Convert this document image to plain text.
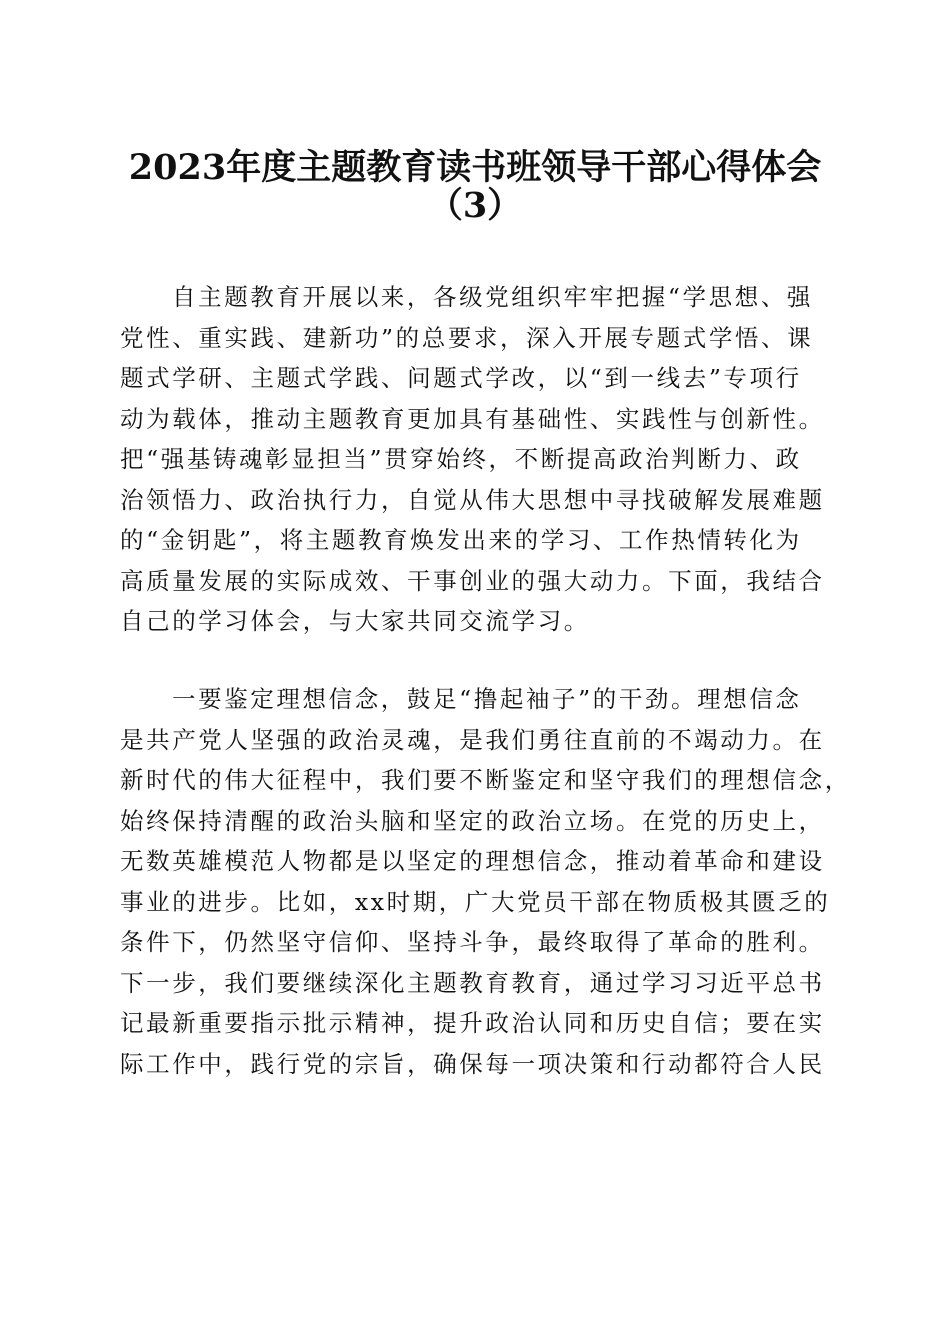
2023年度主题教育读书班领导干部心得体会
（3）
自主题教育开展以来，各级党组织牢牢把握“学思想、强
党性、重实践、建新功”的总要求，深入开展专题式学悟、课
题式学研、主题式学践、问题式学改，以“到一线去”专项行
动为载体，推动主题教育更加具有基础性、实践性与创新性。
把“强基铸魂彰显担当”贯穿始终，不断提高政治判断力、政
治领悟力、政治执行力，自觉从伟大思想中寻找破解发展难题
的“金钥匙”，将主题教育焕发出来的学习、工作热情转化为
高质量发展的实际成效、干事创业的强大动力。下面，我结合
自己的学习体会，与大家共同交流学习。
一要鉴定理想信念，鼓足“撸起袖子”的干劲。理想信念
是共产党人坚强的政治灵魂，是我们勇往直前的不竭动力。在
新时代的伟大征程中，我们要不断鉴定和坚守我们的理想信念，
始终保持清醒的政治头脑和坚定的政治立场。在党的历史上，
无数英雄模范人物都是以坚定的理想信念，推动着革命和建设
事业的进步。比如，xx时期，广大党员干部在物质极其匮乏的
条件下，仍然坚守信仰、坚持斗争，最终取得了革命的胜利。
下一步，我们要继续深化主题教育教育，通过学习习近平总书
记最新重要指示批示精神，提升政治认同和历史自信；要在实
际工作中，践行党的宗旨，确保每一项决策和行动都符合人民
